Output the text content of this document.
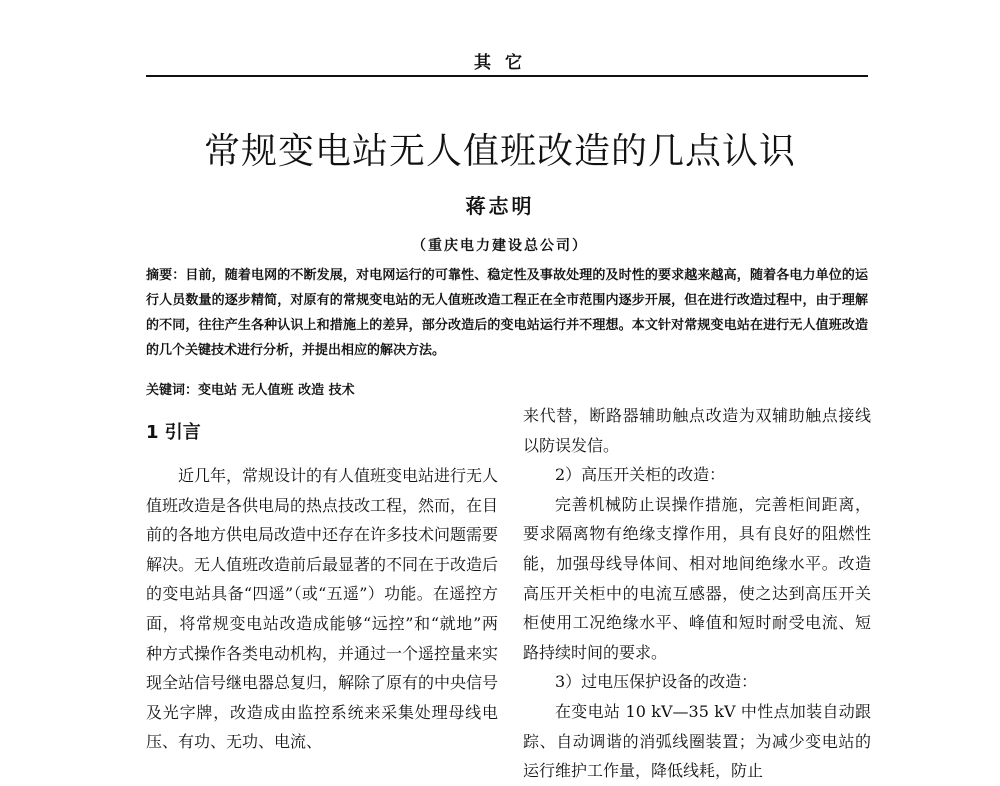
其 它
常规变电站无人值班改造的几点认识
蒋志明
（重庆电力建设总公司）
摘要：目前，随着电网的不断发展，对电网运行的可靠性、稳定性及事故处理的及时性的要求越来越高，随着各电力单位的运行人员数量的逐步精简，对原有的常规变电站的无人值班改造工程正在全市范围内逐步开展，但在进行改造过程中，由于理解的不同，往往产生各种认识上和措施上的差异，部分改造后的变电站运行并不理想。本文针对常规变电站在进行无人值班改造的几个关键技术进行分析，并提出相应的解决方法。
关键词：变电站 无人值班 改造 技术
1 引言

近几年，常规设计的有人值班变电站进行无人值班改造是各供电局的热点技改工程，然而，在目前的各地方供电局改造中还存在许多技术问题需要解决。无人值班改造前后最显著的不同在于改造后的变电站具备“四遥”（或“五遥”）功能。在遥控方面，将常规变电站改造成能够“远控”和“就地”两种方式操作各类电动机构，并通过一个遥控量来实现全站信号继电器总复归，解除了原有的中央信号及光字牌，改造成由监控系统来采集处理母线电压、有功、无功、电流、

来代替，断路器辅助触点改造为双辅助触点接线以防误发信。

2）高压开关柜的改造：

完善机械防止误操作措施，完善柜间距离，要求隔离物有绝缘支撑作用，具有良好的阻燃性能，加强母线导体间、相对地间绝缘水平。改造高压开关柜中的电流互感器，使之达到高压开关柜使用工况绝缘水平、峰值和短时耐受电流、短路持续时间的要求。

3）过电压保护设备的改造：

在变电站 10 kV—35 kV 中性点加装自动跟踪、自动调谐的消弧线圈装置；为减少变电站的运行维护工作量，降低线耗，防止
